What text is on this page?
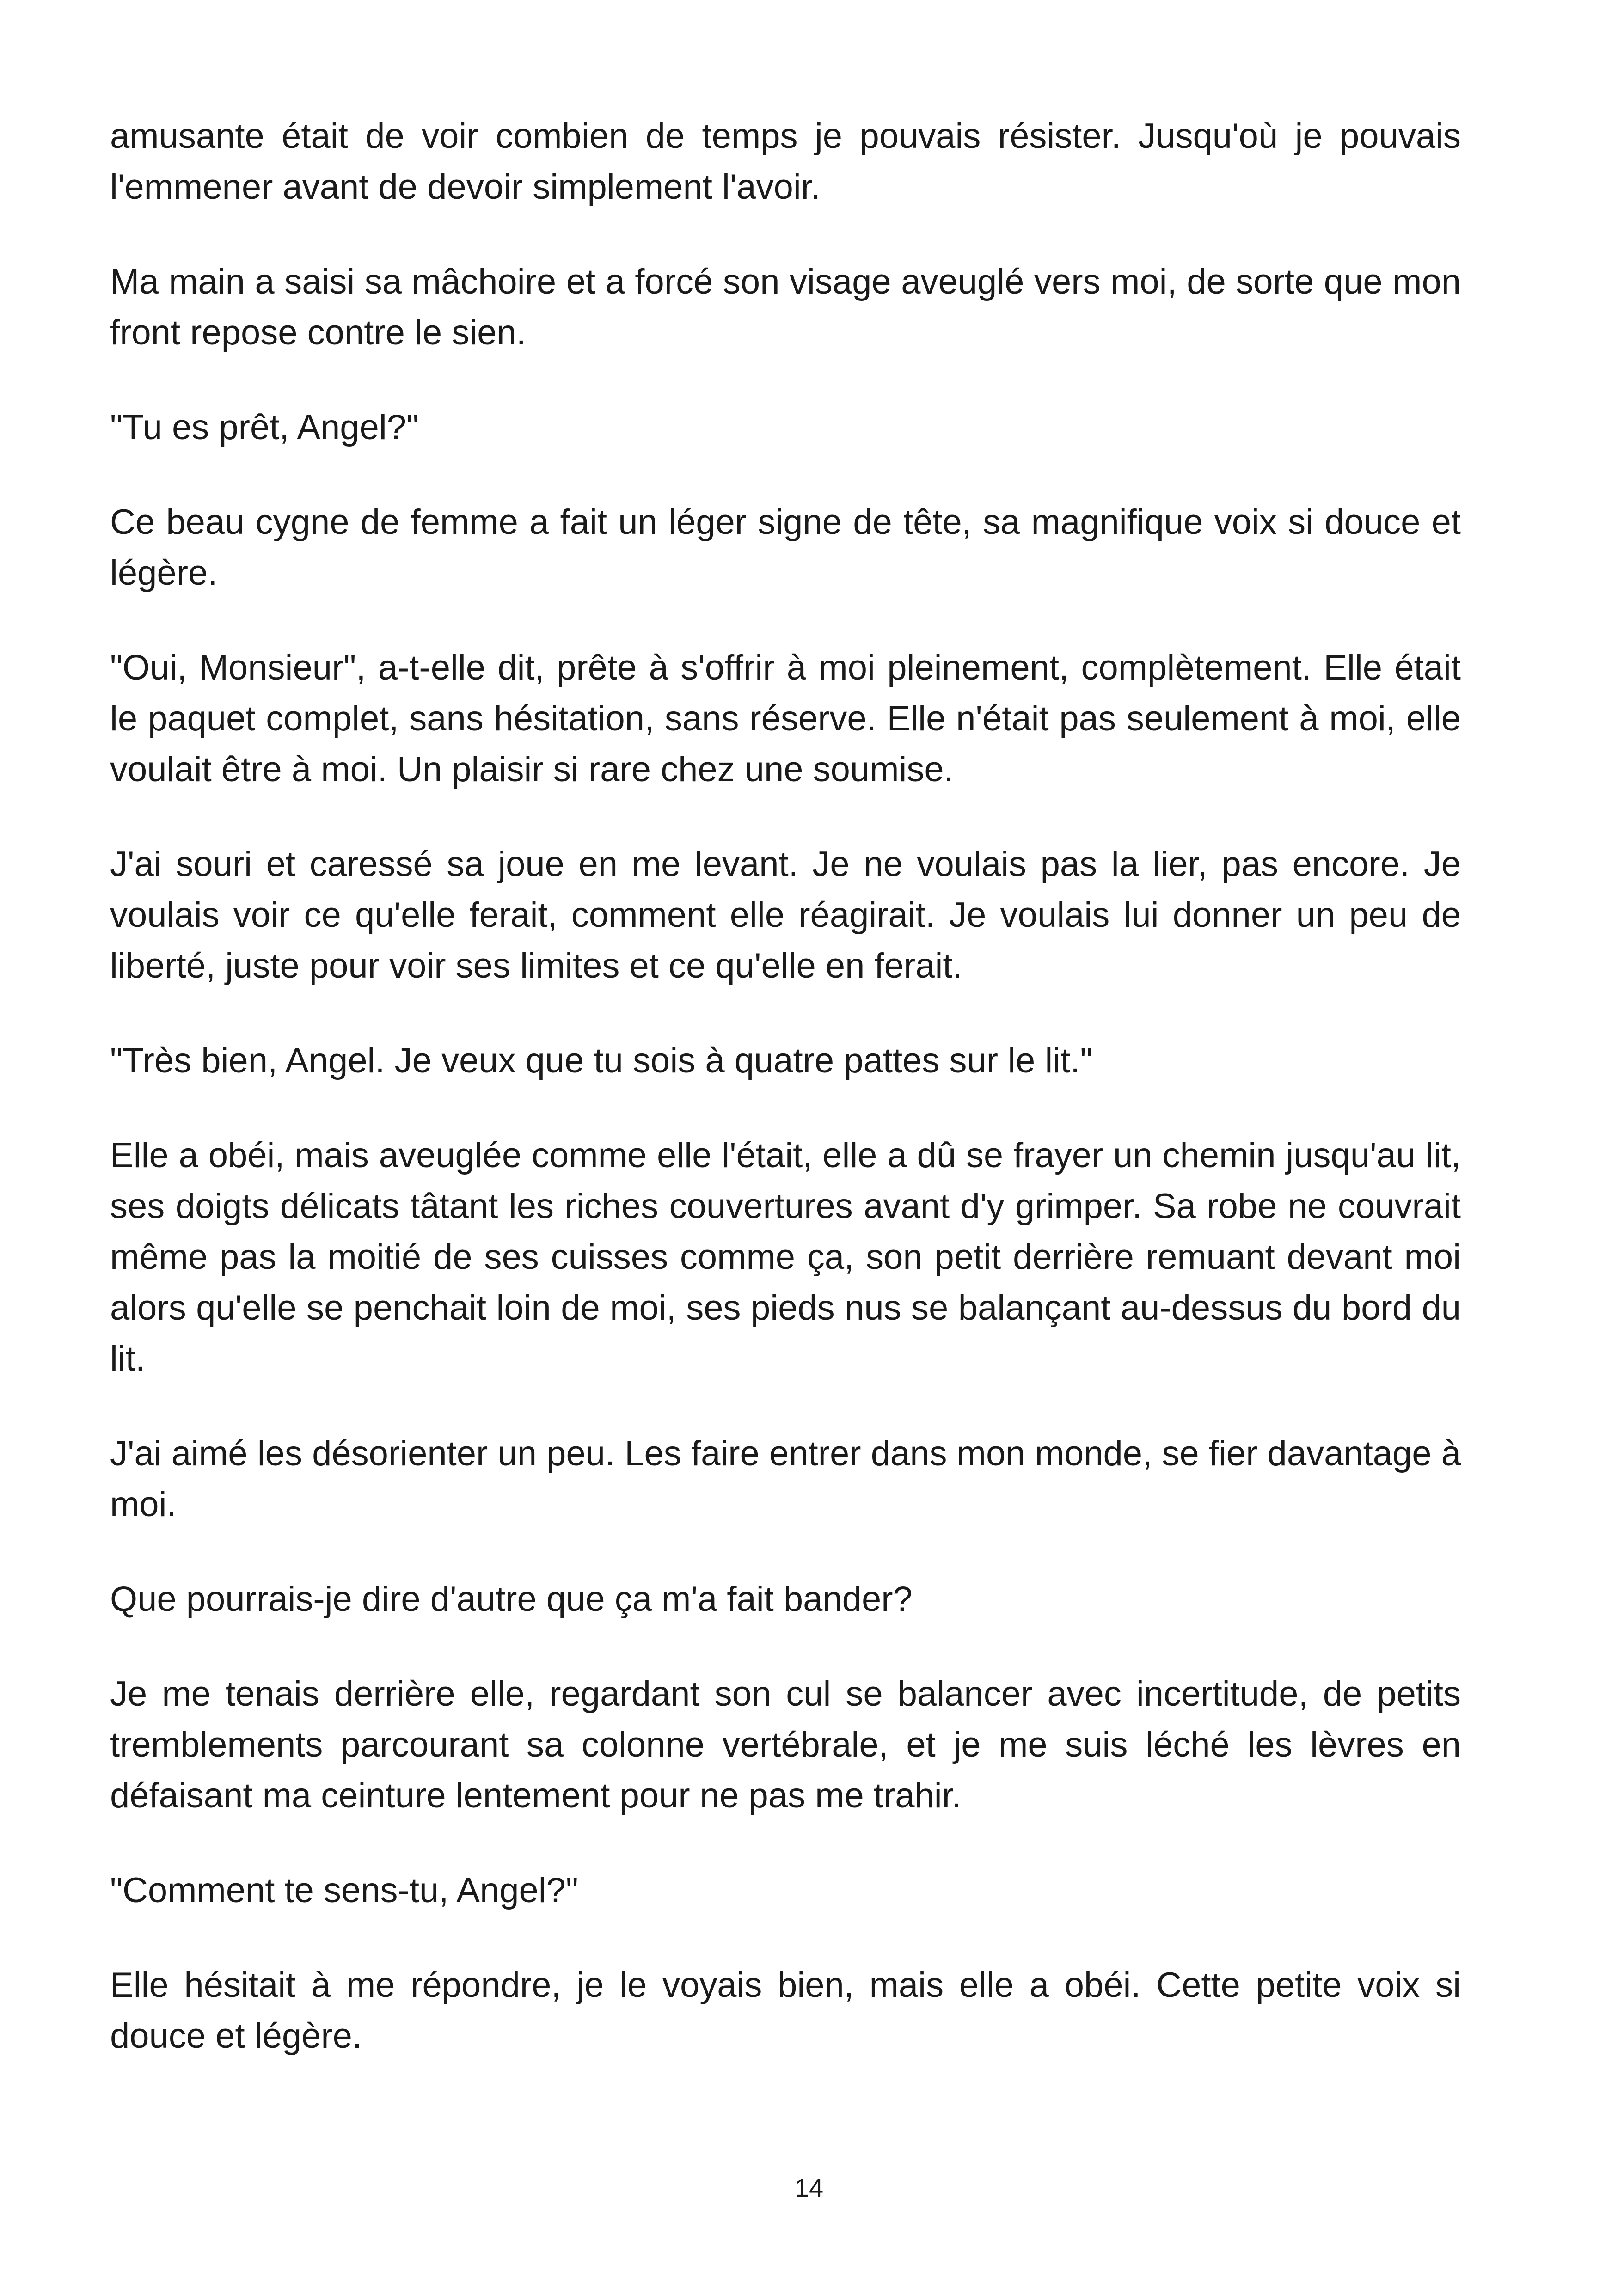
amusante était de voir combien de temps je pouvais résister. Jusqu'où je pouvais l'emmener avant de devoir simplement l'avoir.

Ma main a saisi sa mâchoire et a forcé son visage aveuglé vers moi, de sorte que mon front repose contre le sien.

"Tu es prêt, Angel?"

Ce beau cygne de femme a fait un léger signe de tête, sa magnifique voix si douce et légère.

"Oui, Monsieur", a-t-elle dit, prête à s'offrir à moi pleinement, complètement. Elle était le paquet complet, sans hésitation, sans réserve. Elle n'était pas seulement à moi, elle voulait être à moi. Un plaisir si rare chez une soumise.

J'ai souri et caressé sa joue en me levant. Je ne voulais pas la lier, pas encore. Je voulais voir ce qu'elle ferait, comment elle réagirait. Je voulais lui donner un peu de liberté, juste pour voir ses limites et ce qu'elle en ferait.

"Très bien, Angel. Je veux que tu sois à quatre pattes sur le lit."

Elle a obéi, mais aveuglée comme elle l'était, elle a dû se frayer un chemin jusqu'au lit, ses doigts délicats tâtant les riches couvertures avant d'y grimper. Sa robe ne couvrait même pas la moitié de ses cuisses comme ça, son petit derrière remuant devant moi alors qu'elle se penchait loin de moi, ses pieds nus se balançant au-dessus du bord du lit.

J'ai aimé les désorienter un peu. Les faire entrer dans mon monde, se fier davantage à moi.

Que pourrais-je dire d'autre que ça m'a fait bander?

Je me tenais derrière elle, regardant son cul se balancer avec incertitude, de petits tremblements parcourant sa colonne vertébrale, et je me suis léché les lèvres en défaisant ma ceinture lentement pour ne pas me trahir.

"Comment te sens-tu, Angel?"

Elle hésitait à me répondre, je le voyais bien, mais elle a obéi. Cette petite voix si douce et légère.

14
